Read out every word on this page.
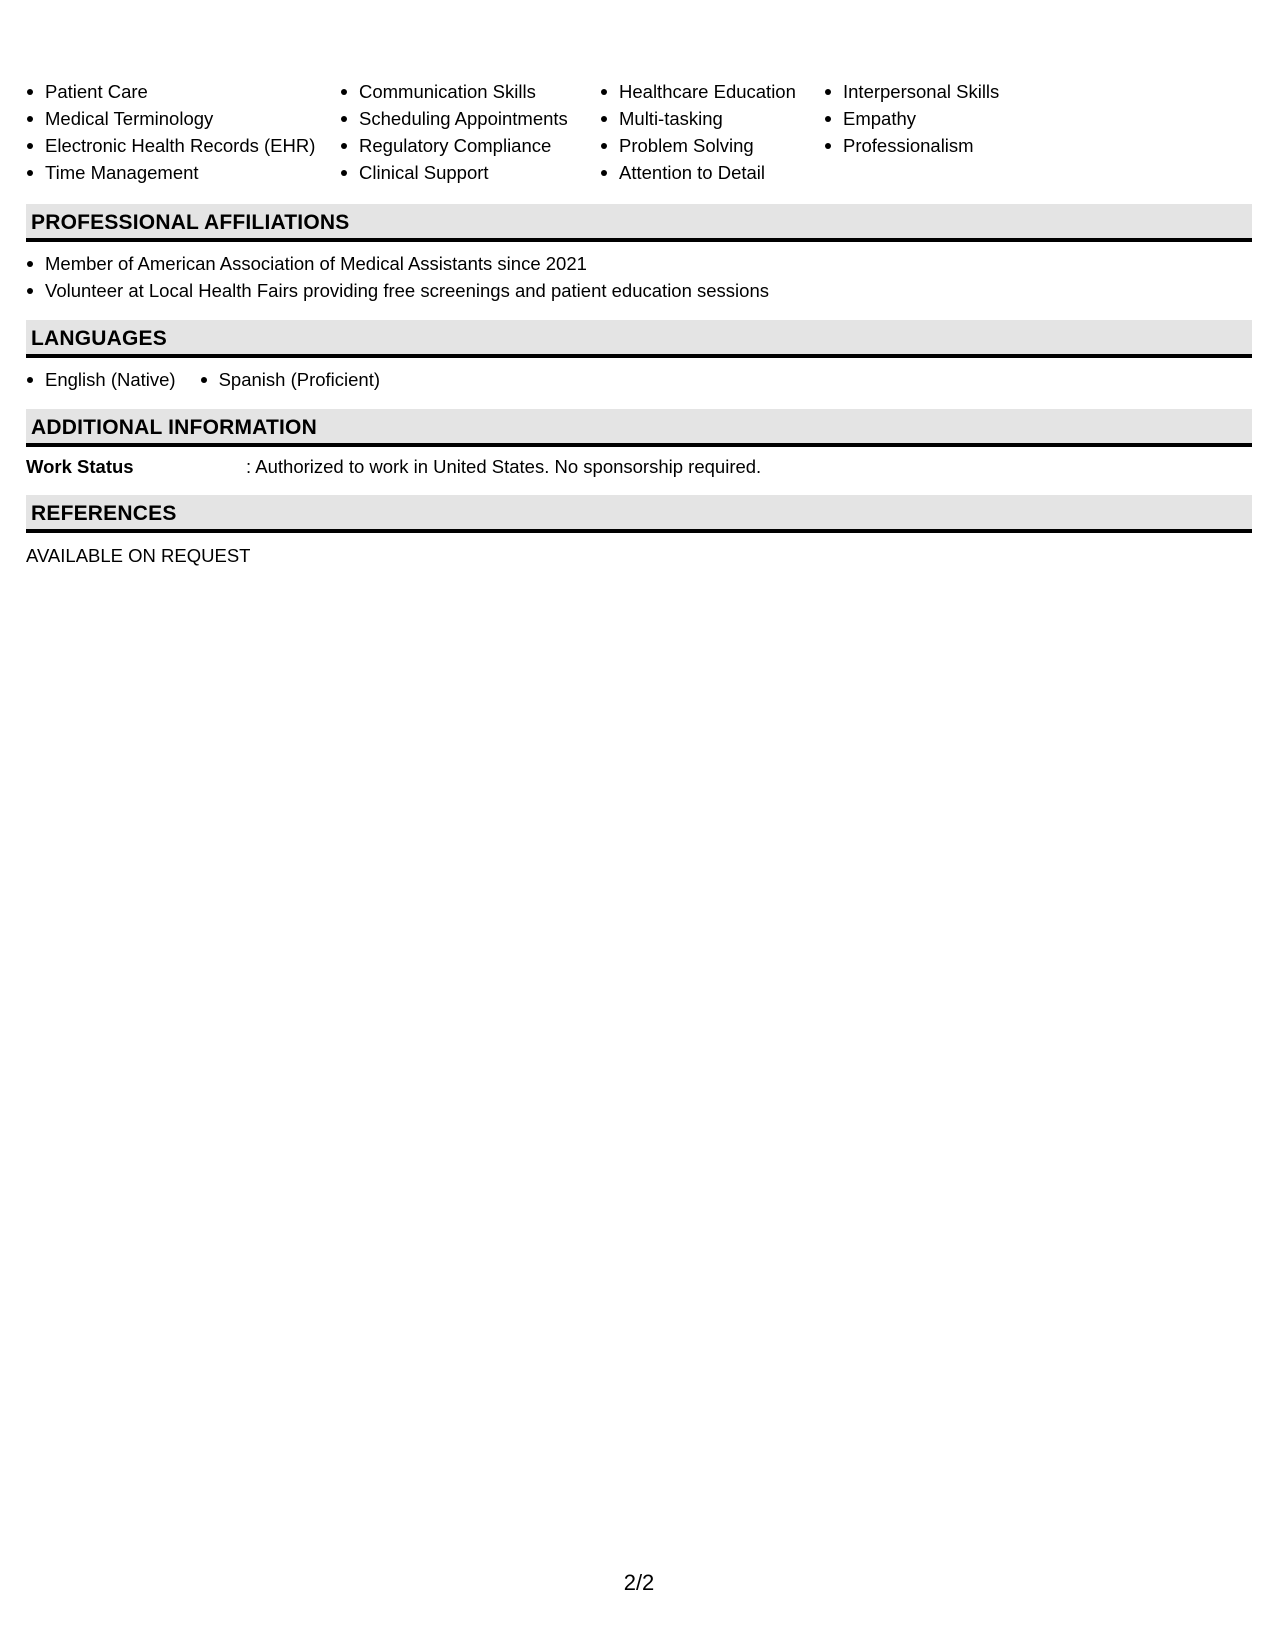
Patient Care
Medical Terminology
Electronic Health Records (EHR)
Time Management
Communication Skills
Scheduling Appointments
Regulatory Compliance
Clinical Support
Healthcare Education
Multi-tasking
Problem Solving
Attention to Detail
Interpersonal Skills
Empathy
Professionalism
PROFESSIONAL AFFILIATIONS
Member of American Association of Medical Assistants since 2021
Volunteer at Local Health Fairs providing free screenings and patient education sessions
LANGUAGES
English (Native)	Spanish (Proficient)
ADDITIONAL INFORMATION
Work Status	: Authorized to work in United States. No sponsorship required.
REFERENCES
AVAILABLE ON REQUEST
2/2
